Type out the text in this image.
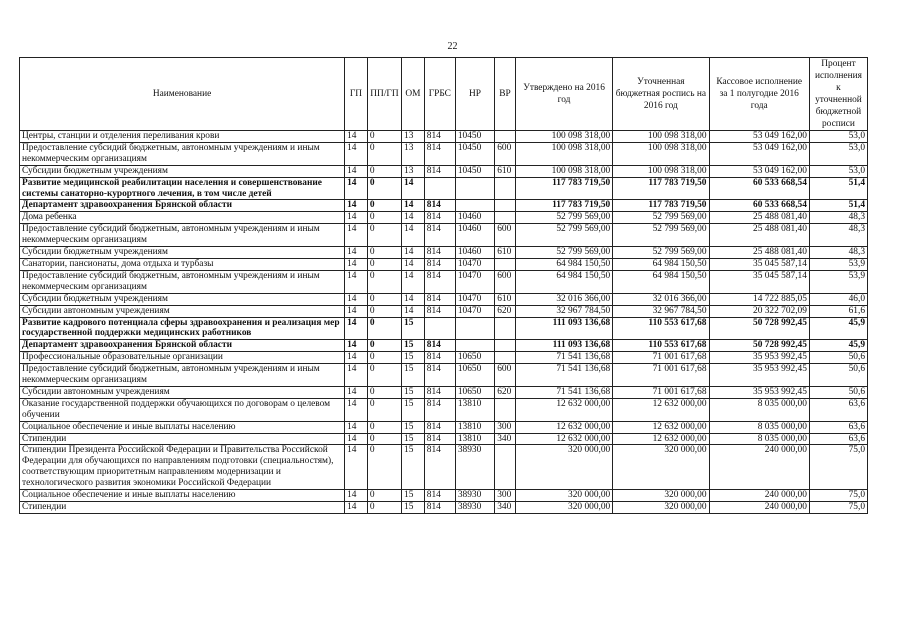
22
Наименование	ГП	ПП/ГП	ОМ	ГРБС	НР	ВР	Утверждено на 2016 год	Уточненная бюджетная роспись на 2016 год	Кассовое исполнение за 1 полугодие 2016 года	Процент исполнения к уточненной бюджетной росписи
Центры, станции и отделения переливания крови	14	0	13	814	10450		100 098 318,00	100 098 318,00	53 049 162,00	53,0
Предоставление субсидий бюджетным, автономным учреждениям и иным некоммерческим организациям	14	0	13	814	10450	600	100 098 318,00	100 098 318,00	53 049 162,00	53,0
Субсидии бюджетным учреждениям	14	0	13	814	10450	610	100 098 318,00	100 098 318,00	53 049 162,00	53,0
Развитие медицинской реабилитации населения и совершенствование системы санаторно-курортного лечения, в том числе детей	14	0	14				117 783 719,50	117 783 719,50	60 533 668,54	51,4
Департамент здравоохранения Брянской области	14	0	14	814			117 783 719,50	117 783 719,50	60 533 668,54	51,4
Дома ребенка	14	0	14	814	10460		52 799 569,00	52 799 569,00	25 488 081,40	48,3
Предоставление субсидий бюджетным, автономным учреждениям и иным некоммерческим организациям	14	0	14	814	10460	600	52 799 569,00	52 799 569,00	25 488 081,40	48,3
Субсидии бюджетным учреждениям	14	0	14	814	10460	610	52 799 569,00	52 799 569,00	25 488 081,40	48,3
Санатории, пансионаты, дома отдыха и турбазы	14	0	14	814	10470		64 984 150,50	64 984 150,50	35 045 587,14	53,9
Предоставление субсидий бюджетным, автономным учреждениям и иным некоммерческим организациям	14	0	14	814	10470	600	64 984 150,50	64 984 150,50	35 045 587,14	53,9
Субсидии бюджетным учреждениям	14	0	14	814	10470	610	32 016 366,00	32 016 366,00	14 722 885,05	46,0
Субсидии автономным учреждениям	14	0	14	814	10470	620	32 967 784,50	32 967 784,50	20 322 702,09	61,6
Развитие кадрового потенциала сферы здравоохранения и реализация мер государственной поддержки медицинских работников	14	0	15				111 093 136,68	110 553 617,68	50 728 992,45	45,9
Департамент здравоохранения Брянской области	14	0	15	814			111 093 136,68	110 553 617,68	50 728 992,45	45,9
Профессиональные образовательные организации	14	0	15	814	10650		71 541 136,68	71 001 617,68	35 953 992,45	50,6
Предоставление субсидий бюджетным, автономным учреждениям и иным некоммерческим организациям	14	0	15	814	10650	600	71 541 136,68	71 001 617,68	35 953 992,45	50,6
Субсидии автономным учреждениям	14	0	15	814	10650	620	71 541 136,68	71 001 617,68	35 953 992,45	50,6
Оказание государственной поддержки обучающихся по договорам о целевом обучении	14	0	15	814	13810		12 632 000,00	12 632 000,00	8 035 000,00	63,6
Социальное обеспечение и иные выплаты населению	14	0	15	814	13810	300	12 632 000,00	12 632 000,00	8 035 000,00	63,6
Стипендии	14	0	15	814	13810	340	12 632 000,00	12 632 000,00	8 035 000,00	63,6
Стипендии Президента Российской Федерации и Правительства Российской Федерации для обучающихся по направлениям подготовки (специальностям), соответствующим приоритетным направлениям модернизации и технологического развития экономики Российской Федерации	14	0	15	814	38930		320 000,00	320 000,00	240 000,00	75,0
Социальное обеспечение и иные выплаты населению	14	0	15	814	38930	300	320 000,00	320 000,00	240 000,00	75,0
Стипендии	14	0	15	814	38930	340	320 000,00	320 000,00	240 000,00	75,0
